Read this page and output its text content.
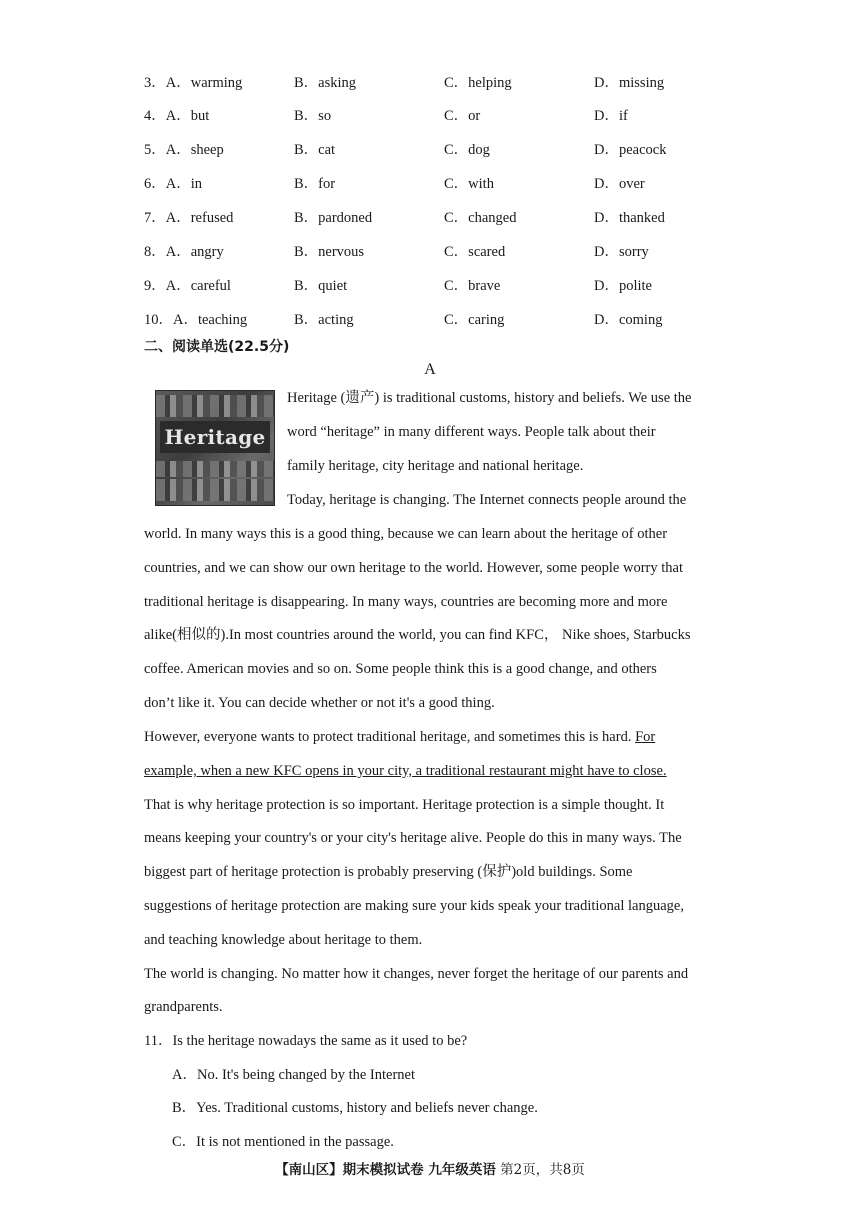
3．A．warming	B．asking	C．helping	D．missing
4．A．but	B．so	C．or	D．if
5．A．sheep	B．cat	C．dog	D．peacock
6．A．in	B．for	C．with	D．over
7．A．refused	B．pardoned	C．changed	D．thanked
8．A．angry	B．nervous	C．scared	D．sorry
9．A．careful	B．quiet	C．brave	D．polite
10．A．teaching	B．acting	C．caring	D．coming
二、阅读单选(22.5分)
A
Heritage
Heritage (遗产) is traditional customs, history and beliefs. We use the
word “heritage” in many different ways. People talk about their
family heritage, city heritage and national heritage.
Today, heritage is changing. The Internet connects people around the
world. In many ways this is a good thing, because we can learn about the heritage of other
countries, and we can show our own heritage to the world. However, some people worry that
traditional heritage is disappearing. In many ways, countries are becoming more and more
alike(相似的).In most countries around the world, you can find KFC， Nike shoes, Starbucks
coffee. American movies and so on. Some people think this is a good change, and others
don’t like it. You can decide whether or not it's a good thing.
However, everyone wants to protect traditional heritage, and sometimes this is hard. For
example, when a new KFC opens in your city, a traditional restaurant might have to close.
That is why heritage protection is so important. Heritage protection is a simple thought. It
means keeping your country's or your city's heritage alive. People do this in many ways. The
biggest part of heritage protection is probably preserving (保护)old buildings. Some
suggestions of heritage protection are making sure your kids speak your traditional language,
and teaching knowledge about heritage to them.
The world is changing. No matter how it changes, never forget the heritage of our parents and
grandparents.
11．Is the heritage nowadays the same as it used to be?
A．No. It's being changed by the Internet
B．Yes. Traditional customs, history and beliefs never change.
C．It is not mentioned in the passage.
【南山区】期末模拟试卷 九年级英语 第2页，共8页
